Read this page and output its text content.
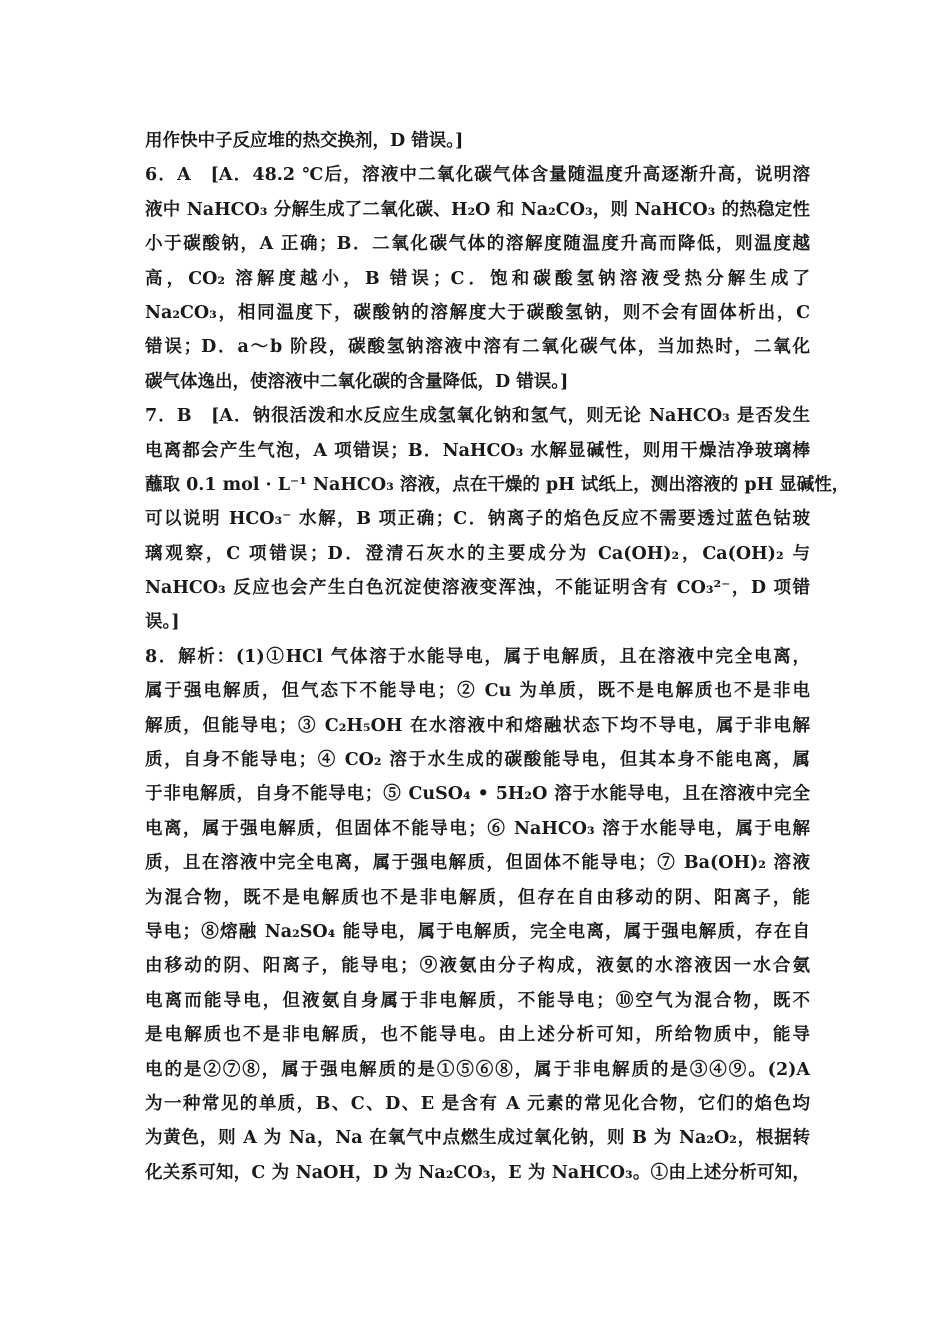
用作快中子反应堆的热交换剂，D 错误。]
6．A　[A．48.2 ℃后，溶液中二氧化碳气体含量随温度升高逐渐升高，说明溶
液中 NaHCO₃ 分解生成了二氧化碳、H₂O 和 Na₂CO₃，则 NaHCO₃ 的热稳定性
小于碳酸钠，A 正确；B．二氧化碳气体的溶解度随温度升高而降低，则温度越
高，CO₂ 溶解度越小，B 错误；C．饱和碳酸氢钠溶液受热分解生成了
Na₂CO₃，相同温度下，碳酸钠的溶解度大于碳酸氢钠，则不会有固体析出，C
错误；D．a～b 阶段，碳酸氢钠溶液中溶有二氧化碳气体，当加热时，二氧化
碳气体逸出，使溶液中二氧化碳的含量降低，D 错误。]
7．B　[A．钠很活泼和水反应生成氢氧化钠和氢气，则无论 NaHCO₃ 是否发生
电离都会产生气泡，A 项错误；B．NaHCO₃ 水解显碱性，则用干燥洁净玻璃棒
蘸取 0.1 mol · L⁻¹ NaHCO₃ 溶液，点在干燥的 pH 试纸上，测出溶液的 pH 显碱性，
可以说明 HCO₃⁻ 水解，B 项正确；C．钠离子的焰色反应不需要透过蓝色钴玻
璃观察，C 项错误；D．澄清石灰水的主要成分为 Ca(OH)₂，Ca(OH)₂ 与
NaHCO₃ 反应也会产生白色沉淀使溶液变浑浊，不能证明含有 CO₃²⁻，D 项错
误。]
8．解析：(1)①HCl 气体溶于水能导电，属于电解质，且在溶液中完全电离，
属于强电解质，但气态下不能导电；② Cu 为单质，既不是电解质也不是非电
解质，但能导电；③ C₂H₅OH 在水溶液中和熔融状态下均不导电，属于非电解
质，自身不能导电；④ CO₂ 溶于水生成的碳酸能导电，但其本身不能电离，属
于非电解质，自身不能导电；⑤ CuSO₄ • 5H₂O 溶于水能导电，且在溶液中完全
电离，属于强电解质，但固体不能导电；⑥ NaHCO₃ 溶于水能导电，属于电解
质，且在溶液中完全电离，属于强电解质，但固体不能导电；⑦ Ba(OH)₂ 溶液
为混合物，既不是电解质也不是非电解质，但存在自由移动的阴、阳离子，能
导电；⑧熔融 Na₂SO₄ 能导电，属于电解质，完全电离，属于强电解质，存在自
由移动的阴、阳离子，能导电；⑨液氨由分子构成，液氨的水溶液因一水合氨
电离而能导电，但液氨自身属于非电解质，不能导电；⑩空气为混合物，既不
是电解质也不是非电解质，也不能导电。由上述分析可知，所给物质中，能导
电的是②⑦⑧，属于强电解质的是①⑤⑥⑧，属于非电解质的是③④⑨。(2)A
为一种常见的单质，B、C、D、E 是含有 A 元素的常见化合物，它们的焰色均
为黄色，则 A 为 Na，Na 在氧气中点燃生成过氧化钠，则 B 为 Na₂O₂，根据转
化关系可知，C 为 NaOH，D 为 Na₂CO₃，E 为 NaHCO₃。①由上述分析可知，
